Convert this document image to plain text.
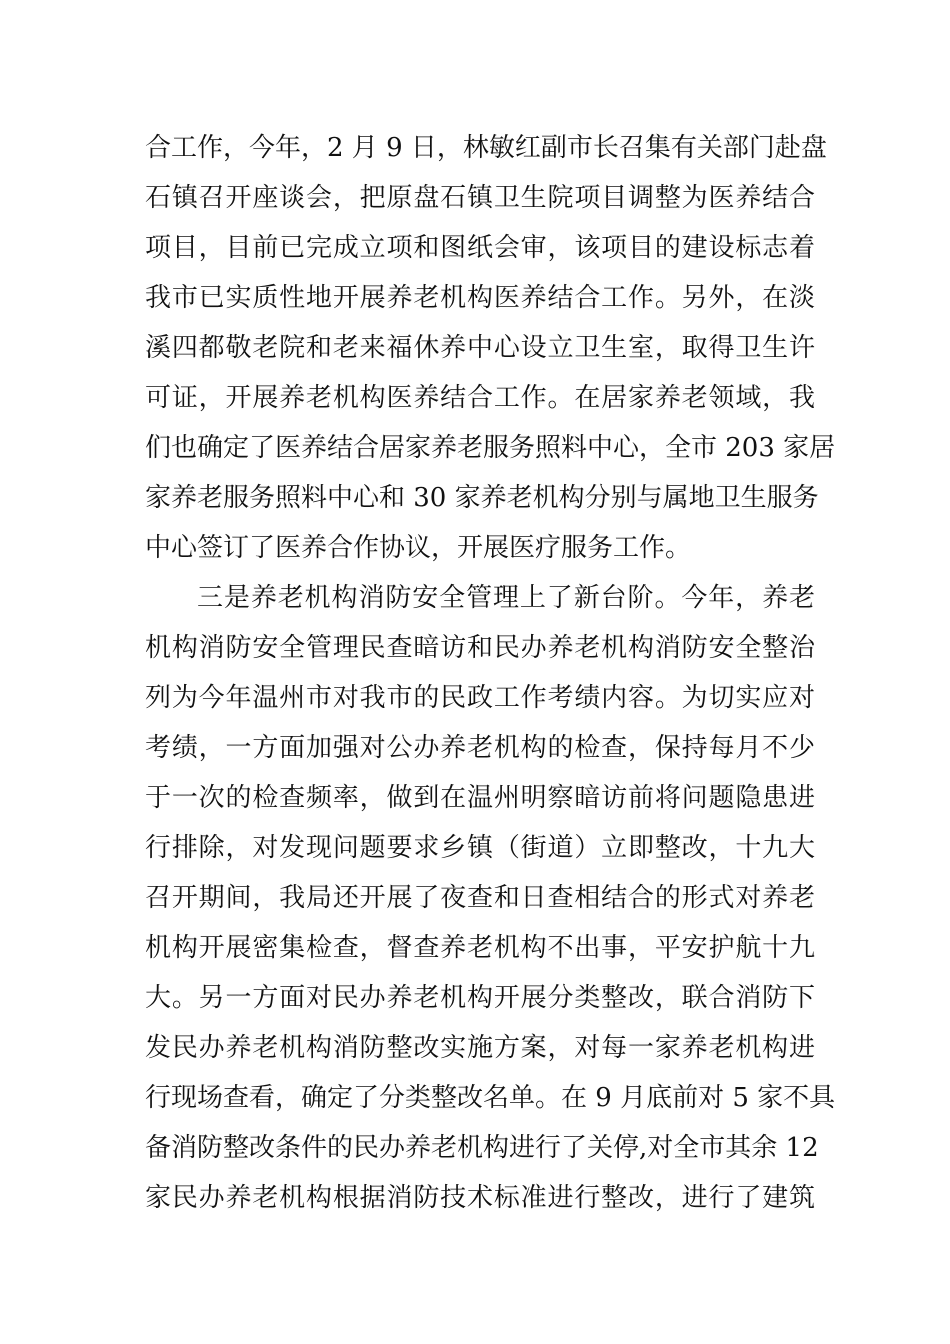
合工作，今年，2 月 9 日，林敏红副市长召集有关部门赴盘
石镇召开座谈会，把原盘石镇卫生院项目调整为医养结合
项目，目前已完成立项和图纸会审，该项目的建设标志着
我市已实质性地开展养老机构医养结合工作。另外，在淡
溪四都敬老院和老来福休养中心设立卫生室，取得卫生许
可证，开展养老机构医养结合工作。在居家养老领域，我
们也确定了医养结合居家养老服务照料中心，全市 203 家居
家养老服务照料中心和 30 家养老机构分别与属地卫生服务
中心签订了医养合作协议，开展医疗服务工作。
三是养老机构消防安全管理上了新台阶。今年，养老
机构消防安全管理民查暗访和民办养老机构消防安全整治
列为今年温州市对我市的民政工作考绩内容。为切实应对
考绩，一方面加强对公办养老机构的检查，保持每月不少
于一次的检查频率，做到在温州明察暗访前将问题隐患进
行排除，对发现问题要求乡镇（街道）立即整改，十九大
召开期间，我局还开展了夜查和日查相结合的形式对养老
机构开展密集检查，督查养老机构不出事，平安护航十九
大。另一方面对民办养老机构开展分类整改，联合消防下
发民办养老机构消防整改实施方案，对每一家养老机构进
行现场查看，确定了分类整改名单。在 9 月底前对 5 家不具
备消防整改条件的民办养老机构进行了关停,对全市其余 12
家民办养老机构根据消防技术标准进行整改，进行了建筑
